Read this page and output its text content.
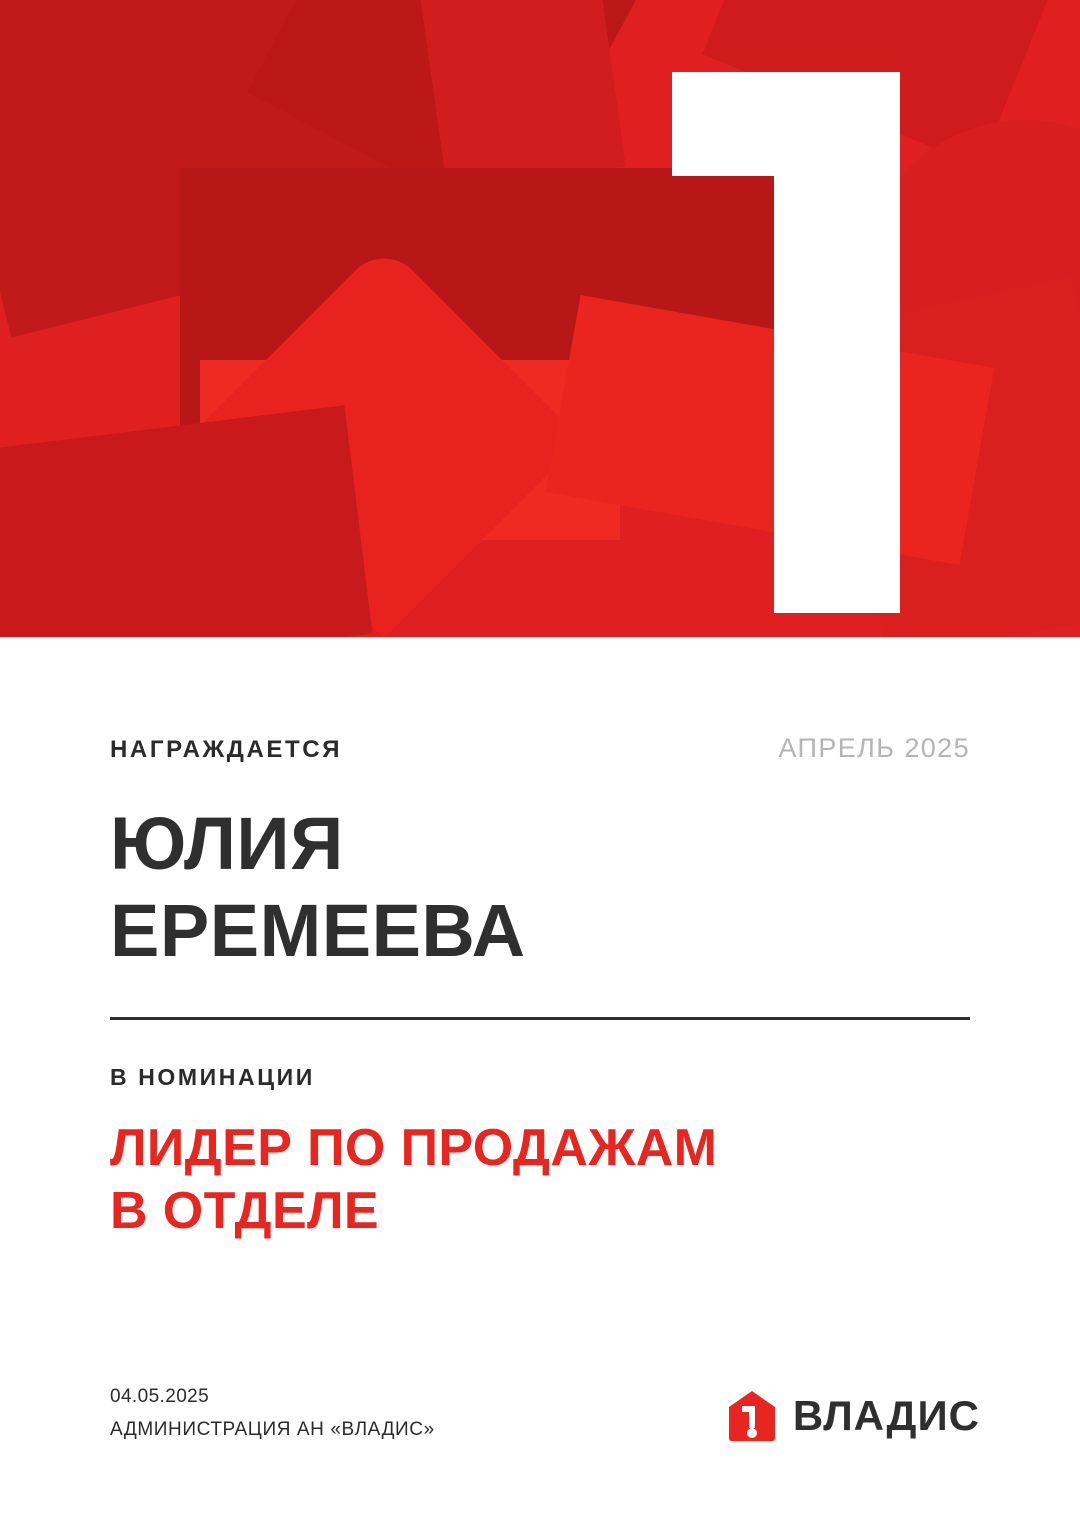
НАГРАЖДАЕТСЯ	АПРЕЛЬ 2025
ЮЛИЯ
ЕРЕМЕЕВА
В НОМИНАЦИИ
ЛИДЕР ПО ПРОДАЖАМ
В ОТДЕЛЕ
04.05.2025
АДМИНИСТРАЦИЯ АН «ВЛАДИС»	ВЛАДИС
